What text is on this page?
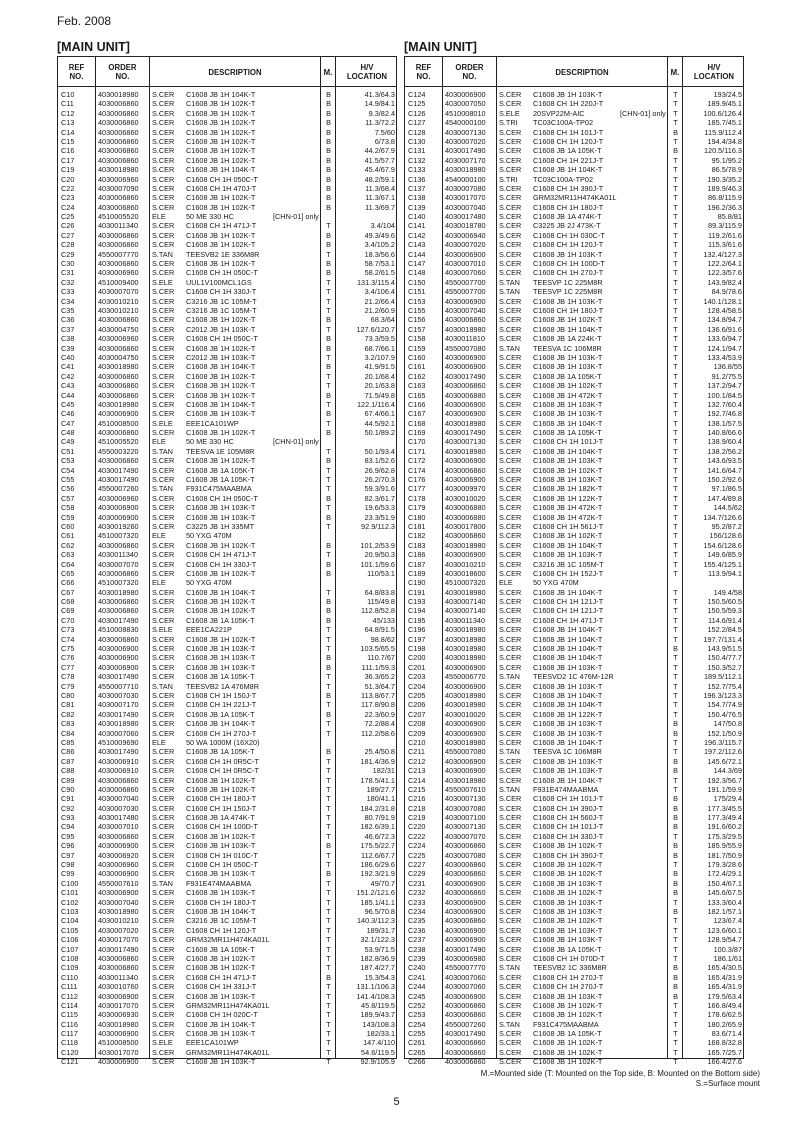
Feb. 2008
[MAIN UNIT]
REF
NO.
ORDER
NO.	DESCRIPTION	M.	H/V
LOCATION
C10	4030018980	S.CER	C1608 JB 1H 104K-T	B	41.3/64.3
C11	4030006860	S.CER	C1608 JB 1H 102K-T	B	14.9/84.1
C12	4030006860	S.CER	C1608 JB 1H 102K-T	B	9.3/82.4
C13	4030006860	S.CER	C1608 JB 1H 102K-T	B	11.3/72.2
C14	4030006860	S.CER	C1608 JB 1H 102K-T	B	7.5/60
C15	4030006860	S.CER	C1608 JB 1H 102K-T	B	6/73.8
C16	4030006860	S.CER	C1608 JB 1H 102K-T	B	44.2/67.9
C17	4030006860	S.CER	C1608 JB 1H 102K-T	B	41.5/57.7
C19	4030018980	S.CER	C1608 JB 1H 104K-T	B	45.4/67.9
C20	4030006960	S.CER	C1608 CH 1H 050C-T	B	48.2/59.1
C22	4030007090	S.CER	C1608 CH 1H 470J-T	B	11.3/68.4
C23	4030006860	S.CER	C1608 JB 1H 102K-T	B	11.3/67.1
C24	4030006860	S.CER	C1608 JB 1H 102K-T	B	11.3/69.7
C25	4510005520	ELE	50 ME 330 HC	[CHN-01] only
C26	4030011340	S.CER	C1608 CH 1H 471J-T	T	3.4/104
C27	4030006860	S.CER	C1608 JB 1H 102K-T	B	49.3/49.6
C28	4030006860	S.CER	C1608 JB 1H 102K-T	B	3.4/105.2
C29	4550007770	S.TAN	TEESVB2 1E 336M8R	T	18.3/56.6
C30	4030006860	S.CER	C1608 JB 1H 102K-T	B	58.7/53.1
C31	4030006960	S.CER	C1608 CH 1H 050C-T	B	58.2/61.5
C32	4510009400	S.ELE	UUL1V100MCL1GS	T	131.3/115.4
C33	4030007070	S.CER	C1608 CH 1H 330J-T	T	3.4/106.4
C34	4030010210	S.CER	C3216 JB 1C 105M-T	T	21.2/66.4
C35	4030010210	S.CER	C3216 JB 1C 105M-T	T	21.2/60.9
C36	4030006860	S.CER	C1608 JB 1H 102K-T	B	68.3/64
C37	4030004750	S.CER	C2012 JB 1H 103K-T	T	127.6/120.7
C38	4030006960	S.CER	C1608 CH 1H 050C-T	B	73.3/59.5
C39	4030006860	S.CER	C1608 JB 1H 102K-T	B	68.7/66.1
C40	4030004750	S.CER	C2012 JB 1H 103K-T	T	3.2/107.9
C41	4030018980	S.CER	C1608 JB 1H 104K-T	B	41.9/91.5
C42	4030006860	S.CER	C1608 JB 1H 102K-T	T	20.1/68.4
C43	4030006860	S.CER	C1608 JB 1H 102K-T	T	20.1/63.8
C44	4030006860	S.CER	C1608 JB 1H 102K-T	B	71.5/49.8
C45	4030018980	S.CER	C1608 JB 1H 104K-T	T	122.1/116.4
C46	4030006900	S.CER	C1608 JB 1H 103K-T	B	67.4/66.1
C47	4510008500	S.ELE	EEE1CA101WP	T	44.5/92.1
C48	4030006860	S.CER	C1608 JB 1H 102K-T	B	50.1/89.2
C49	4510005520	ELE	50 ME 330 HC	[CHN-01] only
C51	4550003220	S.TAN	TEESVA 1E 105M8R	T	50.1/93.4
C53	4030006860	S.CER	C1608 JB 1H 102K-T	B	83.1/52.6
C54	4030017490	S.CER	C1608 JB 1A 105K-T	T	26.9/62.8
C55	4030017490	S.CER	C1608 JB 1A 105K-T	T	26.2/70.3
C56	4550007260	S.TAN	F931C475MAABMA	T	59.3/91.6
C57	4030006960	S.CER	C1608 CH 1H 050C-T	B	82.3/61.7
C58	4030006900	S.CER	C1608 JB 1H 103K-T	T	19.6/53.3
C59	4030006900	S.CER	C1608 JB 1H 103K-T	B	23.3/51.9
C60	4030019260	S.CER	C3225 JB 1H 335MT	T	92.9/112.3
C61	4510007320	ELE	50 YXG 470M
C62	4030006860	S.CER	C1608 JB 1H 102K-T	B	101.2/53.9
C63	4030011340	S.CER	C1608 CH 1H 471J-T	T	20.9/50.3
C64	4030007070	S.CER	C1608 CH 1H 330J-T	B	101.1/59.6
C65	4030006860	S.CER	C1608 JB 1H 102K-T	B	110/53.1
C66	4510007320	ELE	50 YXG 470M
C67	4030018980	S.CER	C1608 JB 1H 104K-T	T	64.8/83.8
C68	4030006860	S.CER	C1608 JB 1H 102K-T	B	115/49.8
C69	4030006860	S.CER	C1608 JB 1H 102K-T	B	112.8/52.8
C70	4030017490	S.CER	C1608 JB 1A 105K-T	B	45/133
C73	4510008830	S.ELE	EEE1CA221P	T	64.8/91.5
C74	4030006860	S.CER	C1608 JB 1H 102K-T	T	98.8/62
C75	4030006900	S.CER	C1608 JB 1H 103K-T	T	103.5/65.5
C76	4030006900	S.CER	C1608 JB 1H 103K-T	B	110.7/67
C77	4030006900	S.CER	C1608 JB 1H 103K-T	B	111.1/59.3
C78	4030017490	S.CER	C1608 JB 1A 105K-T	T	36.3/65.2
C79	4550007710	S.TAN	TEESVB2 1A 476M8R	T	51.3/64.7
C80	4030007030	S.CER	C1608 CH 1H 150J-T	B	113.8/67.7
C81	4030007170	S.CER	C1608 CH 1H 221J-T	T	117.8/90.8
C82	4030017490	S.CER	C1608 JB 1A 105K-T	B	22.3/60.9
C83	4030018980	S.CER	C1608 JB 1H 104K-T	T	72.2/88.4
C84	4030007060	S.CER	C1608 CH 1H 270J-T	T	112.2/58.6
C85	4510009690	ELE	50 WA 1000M (16X20)
C86	4030017490	S.CER	C1608 JB 1A 105K-T	B	25.4/50.8
C87	4030006910	S.CER	C1608 CH 1H 0R5C-T	T	181.4/36.9
C88	4030006910	S.CER	C1608 CH 1H 0R5C-T	T	182/31
C89	4030006860	S.CER	C1608 JB 1H 102K-T	T	178.5/41.1
C90	4030006860	S.CER	C1608 JB 1H 102K-T	T	189/27.7
C91	4030007040	S.CER	C1608 CH 1H 180J-T	T	180/41.1
C92	4030007030	S.CER	C1608 CH 1H 150J-T	T	184.2/31.8
C93	4030017480	S.CER	C1608 JB 1A 474K-T	T	80.7/91.9
C94	4030007010	S.CER	C1608 CH 1H 100D-T	T	182.6/39.1
C95	4030006860	S.CER	C1608 JB 1H 102K-T	T	46.6/72.3
C96	4030006900	S.CER	C1608 JB 1H 103K-T	B	175.5/22.7
C97	4030006920	S.CER	C1608 CH 1H 010C-T	T	112.6/67.7
C98	4030006960	S.CER	C1608 CH 1H 050C-T	T	186.6/29.6
C99	4030006900	S.CER	C1608 JB 1H 103K-T	B	192.3/21.9
C100	4550007610	S.TAN	F931E474MAABMA	T	49/70.7
C101	4030006900	S.CER	C1608 JB 1H 103K-T	T	151.2/121.6
C102	4030007040	S.CER	C1608 CH 1H 180J-T	T	185.1/41.1
C103	4030018980	S.CER	C1608 JB 1H 104K-T	T	96.5/70.8
C104	4030010210	S.CER	C3216 JB 1C 105M-T	T	140.3/112.3
C105	4030007020	S.CER	C1608 CH 1H 120J-T	T	189/31.7
C106	4030017070	S.CER	GRM32MR11H474KA01L	T	32.1/122.3
C107	4030017490	S.CER	C1608 JB 1A 105K-T	T	53.9/71.5
C108	4030006860	S.CER	C1608 JB 1H 102K-T	T	182.8/36.9
C109	4030006860	S.CER	C1608 JB 1H 102K-T	T	187.4/27.7
C110	4030011340	S.CER	C1608 CH 1H 471J-T	B	15.3/54.3
C111	4030010760	S.CER	C1608 CH 1H 331J-T	T	131.1/106.3
C112	4030006900	S.CER	C1608 JB 1H 103K-T	T	141.4/108.3
C114	4030017070	S.CER	GRM32MR11H474KA01L	T	45.8/119.5
C115	4030006930	S.CER	C1608 CH 1H 020C-T	T	189.9/43.7
C116	4030018980	S.CER	C1608 JB 1H 104K-T	T	143/108.3
C117	4030006900	S.CER	C1608 JB 1H 103K-T	T	182/33.1
C118	4510008500	S.ELE	EEE1CA101WP	T	147.4/110
C120	4030017070	S.CER	GRM32MR11H474KA01L	T	54.6/119.5
C121	4030006900	S.CER	C1608 JB 1H 103K-T	T	92.9/105.9
[MAIN UNIT]
REF
NO.
ORDER
NO.	DESCRIPTION	M.	H/V
LOCATION
C124	4030006900	S.CER	C1608 JB 1H 103K-T	T	193/24.5
C125	4030007050	S.CER	C1608 CH 1H 220J-T	T	189.9/45.1
C126	4510008010	S.ELE	20SVP22M-AIC	[CHN-01] only	T	100.6/126.4
C127	4540000100	S.TRI	TC03C100A-TP02	T	185.7/45.1
C128	4030007130	S.CER	C1608 CH 1H 101J-T	B	115.9/112.4
C130	4030007020	S.CER	C1608 CH 1H 120J-T	T	194.4/34.8
C131	4030017490	S.CER	C1608 JB 1A 105K-T	B	120.5/116.3
C132	4030007170	S.CER	C1608 CH 1H 221J-T	T	95.1/95.2
C133	4030018980	S.CER	C1608 JB 1H 104K-T	T	86.5/78.9
C136	4540000100	S.TRI	TC03C100A-TP02	T	190.3/35.2
C137	4030007080	S.CER	C1608 CH 1H 390J-T	T	189.9/46.3
C138	4030017070	S.CER	GRM32MR11H474KA01L	T	86.8/115.9
C139	4030007040	S.CER	C1608 CH 1H 180J-T	T	196.2/36.3
C140	4030017480	S.CER	C1608 JB 1A 474K-T	T	85.8/81
C141	4030018780	S.CER	C3225 JB 2J 473K-T	T	89.3/115.9
C142	4030006940	S.CER	C1608 CH 1H 030C-T	T	119.2/61.6
C143	4030007020	S.CER	C1608 CH 1H 120J-T	T	115.3/61.6
C144	4030006900	S.CER	C1608 JB 1H 103K-T	T	132.4/127.3
C147	4030007010	S.CER	C1608 CH 1H 100D-T	T	122.2/64.1
C148	4030007060	S.CER	C1608 CH 1H 270J-T	T	122.3/57.6
C150	4550007700	S.TAN	TEESVP 1C 225M8R	T	143.9/82.4
C151	4550007700	S.TAN	TEESVP 1C 225M8R	T	84.9/78.6
C153	4030006900	S.CER	C1608 JB 1H 103K-T	T	140.1/128.1
C155	4030007040	S.CER	C1608 CH 1H 180J-T	T	128.4/58.5
C156	4030006860	S.CER	C1608 JB 1H 102K-T	T	134.8/94.7
C157	4030018980	S.CER	C1608 JB 1H 104K-T	T	136.6/91.6
C158	4030011810	S.CER	C1608 JB 1A 224K-T	T	133.6/94.7
C159	4550007080	S.TAN	TEESVA 1C 106M8R	T	124.1/94.7
C160	4030006900	S.CER	C1608 JB 1H 103K-T	T	133.4/53.9
C161	4030006900	S.CER	C1608 JB 1H 103K-T	T	136.8/55
C162	4030017490	S.CER	C1608 JB 1A 105K-T	T	91.2/75.5
C163	4030006860	S.CER	C1608 JB 1H 102K-T	T	137.2/94.7
C165	4030006880	S.CER	C1608 JB 1H 472K-T	T	100.1/84.5
C166	4030006900	S.CER	C1608 JB 1H 103K-T	T	132.7/60.4
C167	4030006900	S.CER	C1608 JB 1H 103K-T	T	192.7/46.8
C168	4030018980	S.CER	C1608 JB 1H 104K-T	T	138.1/57.5
C169	4030017490	S.CER	C1608 JB 1A 105K-T	T	140.8/66.6
C170	4030007130	S.CER	C1608 CH 1H 101J-T	T	138.9/60.4
C171	4030018980	S.CER	C1608 JB 1H 104K-T	T	138.2/56.2
C172	4030006900	S.CER	C1608 JB 1H 103K-T	T	143.6/93.5
C174	4030006860	S.CER	C1608 JB 1H 102K-T	T	141.6/64.7
C176	4030006900	S.CER	C1608 JB 1H 103K-T	T	150.2/92.6
C177	4030009970	S.CER	C1608 JB 1H 182K-T	T	97.1/86.5
C178	4030010020	S.CER	C1608 JB 1H 122K-T	T	147.4/89.8
C179	4030006880	S.CER	C1608 JB 1H 472K-T	T	144.5/62
C180	4030006880	S.CER	C1608 JB 1H 472K-T	T	134.7/126.6
C181	4030017800	S.CER	C1608 CH 1H 561J-T	T	95.2/87.2
C182	4030006860	S.CER	C1608 JB 1H 102K-T	T	156/128.6
C183	4030018980	S.CER	C1608 JB 1H 104K-T	T	154.6/128.6
C186	4030006900	S.CER	C1608 JB 1H 103K-T	T	149.6/85.9
C187	4030010210	S.CER	C3216 JB 1C 105M-T	T	155.4/125.1
C189	4030018600	S.CER	C1608 CH 1H 152J-T	T	113.9/94.1
C190	4510007320	ELE	50 YXG 470M
C191	4030018980	S.CER	C1608 JB 1H 104K-T	T	149.4/58
C193	4030007140	S.CER	C1608 CH 1H 121J-T	T	150.5/60.5
C194	4030007140	S.CER	C1608 CH 1H 121J-T	T	150.5/59.3
C195	4030011340	S.CER	C1608 CH 1H 471J-T	T	114.6/91.4
C196	4030018980	S.CER	C1608 JB 1H 104K-T	T	152.2/84.5
C197	4030018980	S.CER	C1608 JB 1H 104K-T	T	197.7/131.4
C198	4030018980	S.CER	C1608 JB 1H 104K-T	B	143.9/51.5
C200	4030018980	S.CER	C1608 JB 1H 104K-T	T	150.4/77.7
C201	4030006900	S.CER	C1608 JB 1H 103K-T	T	150.3/52.7
C203	4550006770	S.TAN	TEESVD2 1C 476M-12R	T	189.5/112.1
C204	4030006900	S.CER	C1608 JB 1H 103K-T	T	152.7/75.4
C205	4030018980	S.CER	C1608 JB 1H 104K-T	T	196.3/123.3
C206	4030018980	S.CER	C1608 JB 1H 104K-T	T	154.7/74.9
C207	4030010020	S.CER	C1608 JB 1H 122K-T	T	150.4/76.5
C208	4030006900	S.CER	C1608 JB 1H 103K-T	B	147/50.8
C209	4030006900	S.CER	C1608 JB 1H 103K-T	B	152.1/50.9
C210	4030018980	S.CER	C1608 JB 1H 104K-T	T	196.3/115.7
C211	4550007080	S.TAN	TEESVA 1C 106M8R	T	197.2/112.6
C212	4030006900	S.CER	C1608 JB 1H 103K-T	B	145.6/72.1
C213	4030006900	S.CER	C1608 JB 1H 103K-T	B	144.3/69
C214	4030018980	S.CER	C1608 JB 1H 104K-T	T	192.3/56.7
C215	4550007610	S.TAN	F931E474MAABMA	T	191.1/59.9
C216	4030007130	S.CER	C1608 CH 1H 101J-T	B	175/29.4
C218	4030007080	S.CER	C1608 CH 1H 390J-T	B	177.3/45.5
C219	4030007100	S.CER	C1608 CH 1H 560J-T	B	177.3/49.4
C220	4030007130	S.CER	C1608 CH 1H 101J-T	B	191.6/60.2
C222	4030007070	S.CER	C1608 CH 1H 330J-T	T	175.3/29.5
C224	4030006860	S.CER	C1608 JB 1H 102K-T	B	185.9/55.9
C225	4030007080	S.CER	C1608 CH 1H 390J-T	B	181.7/50.9
C227	4030006860	S.CER	C1608 JB 1H 102K-T	T	179.3/28.6
C229	4030006860	S.CER	C1608 JB 1H 102K-T	B	172.4/29.1
C231	4030006900	S.CER	C1608 JB 1H 103K-T	B	150.4/67.1
C232	4030006860	S.CER	C1608 JB 1H 102K-T	B	145.6/67.5
C233	4030006900	S.CER	C1608 JB 1H 103K-T	T	133.3/60.4
C234	4030006900	S.CER	C1608 JB 1H 103K-T	B	182.1/57.1
C235	4030006860	S.CER	C1608 JB 1H 102K-T	T	123/67.4
C236	4030006900	S.CER	C1608 JB 1H 103K-T	T	123.6/60.1
C237	4030006900	S.CER	C1608 JB 1H 103K-T	T	128.9/54.7
C238	4030017490	S.CER	C1608 JB 1A 105K-T	T	100.3/87
C239	4030006980	S.CER	C1608 CH 1H 070D-T	T	186.1/61
C240	4550007770	S.TAN	TEESVB2 1C 336M8R	B	165.4/30.5
C241	4030007060	S.CER	C1608 CH 1H 270J-T	B	165.4/31.9
C244	4030007060	S.CER	C1608 CH 1H 270J-T	B	165.4/31.9
C245	4030006900	S.CER	C1608 JB 1H 103K-T	B	179.5/63.4
C252	4030006860	S.CER	C1608 JB 1H 102K-T	T	166.8/49.4
C253	4030006860	S.CER	C1608 JB 1H 102K-T	T	178.6/62.5
C254	4550007260	S.TAN	F931C475MAABMA	T	180.2/65.9
C255	4030017490	S.CER	C1608 JB 1A 105K-T	T	83.6/71.4
C261	4030006860	S.CER	C1608 JB 1H 102K-T	T	168.8/32.8
C265	4030006860	S.CER	C1608 JB 1H 102K-T	T	165.7/25.7
C266	4030006860	S.CER	C1608 JB 1H 102K-T	T	166.4/27.6
M.=Mounted side (T: Mounted on the Top side, B: Mounted on the Bottom side)
S.=Surface mount
5
